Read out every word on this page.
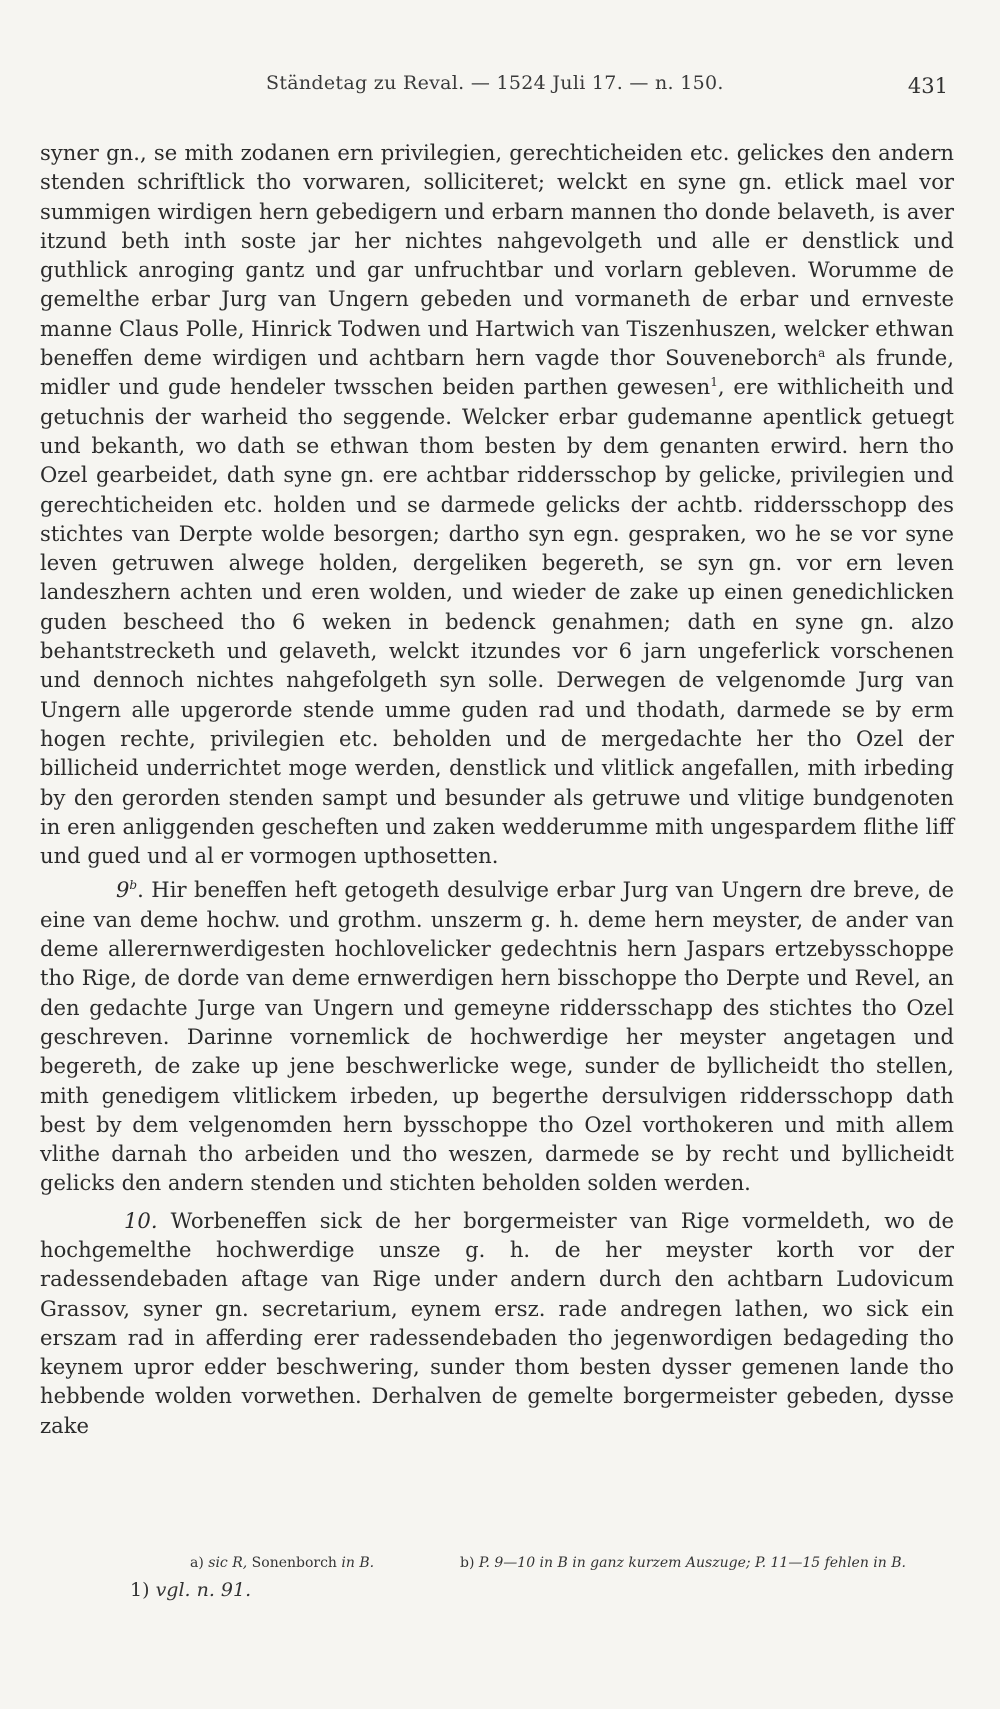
Ständetag zu Reval. — 1524 Juli 17. — n. 150.	431

syner gn., se mith zodanen ern privilegien, gerechticheiden etc. gelickes den andern stenden schriftlick tho vorwaren, solliciteret; welckt en syne gn. etlick mael vor summigen wirdigen hern gebedigern und erbarn mannen tho donde belaveth, is aver itzund beth inth soste jar her nichtes nahgevolgeth und alle er denstlick und guthlick anroging gantz und gar unfruchtbar und vorlarn gebleven. Worumme de gemelthe erbar Jurg van Ungern gebeden und vormaneth de erbar und ernveste manne Claus Polle, Hinrick Todwen und Hartwich van Tiszenhuszen, welcker ethwan beneffen deme wirdigen und achtbarn hern vagde thor Souveneborch$^a$ als frunde, midler und gude hendeler twsschen beiden parthen gewesen$^1$, ere withlicheith und getuchnis der warheid tho seggende. Welcker erbar gudemanne apentlick getuegt und bekanth, wo dath se ethwan thom besten by dem genanten erwird. hern tho Ozel gearbeidet, dath syne gn. ere achtbar riddersschop by gelicke, privilegien und gerechticheiden etc. holden und se darmede gelicks der achtb. riddersschopp des stichtes van Derpte wolde besorgen; dartho syn egn. gespraken, wo he se vor syne leven getruwen alwege holden, dergeliken begereth, se syn gn. vor ern leven landeszhern achten und eren wolden, und wieder de zake up einen genedichlicken guden bescheed tho 6 weken in bedenck genahmen; dath en syne gn. alzo behantstrecketh und gelaveth, welckt itzundes vor 6 jarn ungeferlick vorschenen und dennoch nichtes nahgefolgeth syn solle. Derwegen de velgenomde Jurg van Ungern alle upgerorde stende umme guden rad und thodath, darmede se by erm hogen rechte, privilegien etc. beholden und de mergedachte her tho Ozel der billicheid underrichtet moge werden, denstlick und vlitlick angefallen, mith irbeding by den gerorden stenden sampt und besunder als getruwe und vlitige bundgenoten in eren anliggenden gescheften und zaken wedderumme mith ungespardem flithe liff und gued und al er vormogen upthosetten.

9$^b$. Hir beneffen heft getogeth desulvige erbar Jurg van Ungern dre breve, de eine van deme hochw. und grothm. unszerm g. h. deme hern meyster, de ander van deme allerernwerdigesten hochlovelicker gedechtnis hern Jaspars ertzebysschoppe tho Rige, de dorde van deme ernwerdigen hern bisschoppe tho Derpte und Revel, an den gedachte Jurge van Ungern und gemeyne riddersschapp des stichtes tho Ozel geschreven. Darinne vornemlick de hochwerdige her meyster angetagen und begereth, de zake up jene beschwerlicke wege, sunder de byllicheidt tho stellen, mith genedigem vlitlickem irbeden, up begerthe dersulvigen riddersschopp dath best by dem velgenomden hern bysschoppe tho Ozel vorthokeren und mith allem vlithe darnah tho arbeiden und tho weszen, darmede se by recht und byllicheidt gelicks den andern stenden und stichten beholden solden werden.

10. Worbeneffen sick de her borgermeister van Rige vormeldeth, wo de hochgemelthe hochwerdige unsze g. h. de her meyster korth vor der radessendebaden aftage van Rige under andern durch den achtbarn Ludovicum Grassov, syner gn. secretarium, eynem ersz. rade andregen lathen, wo sick ein erszam rad in afferding erer radessendebaden tho jegenwordigen bedageding tho keynem upror edder beschwering, sunder thom besten dysser gemenen lande tho hebbende wolden vorwethen. Derhalven de gemelte borgermeister gebeden, dysse zake

a) sic R, Sonenborch in B.	b) P. 9—10 in B in ganz kurzem Auszuge; P. 11—15 fehlen in B.
1) vgl. n. 91.
